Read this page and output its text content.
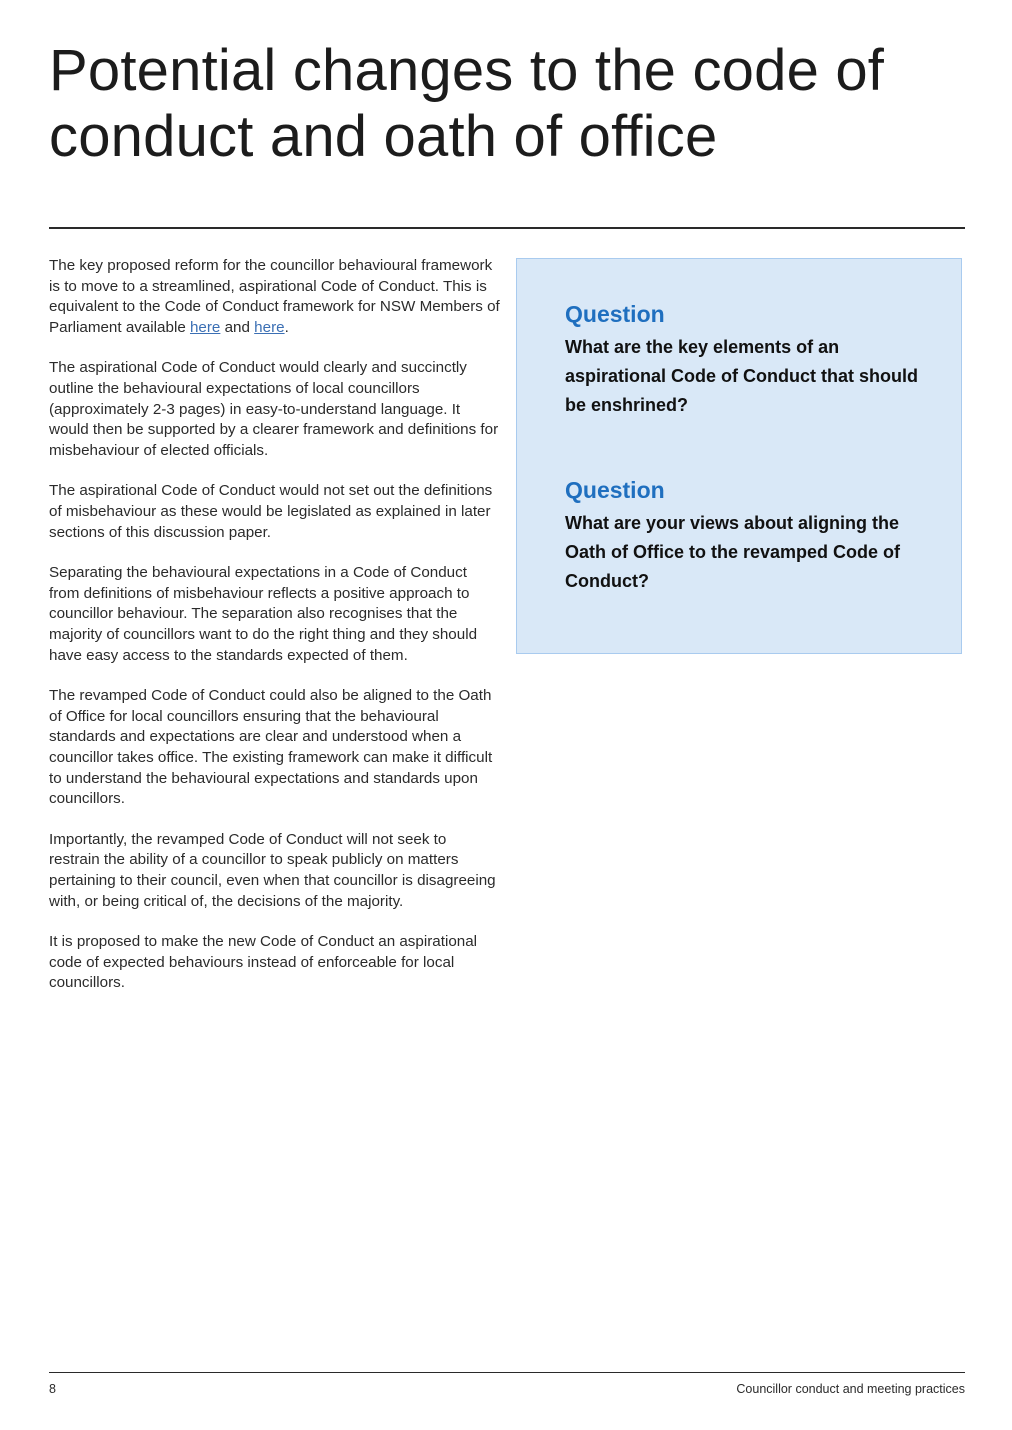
Potential changes to the code of conduct and oath of office

The key proposed reform for the councillor behavioural framework is to move to a streamlined, aspirational Code of Conduct. This is equivalent to the Code of Conduct framework for NSW Members of Parliament available here and here.

The aspirational Code of Conduct would clearly and succinctly outline the behavioural expectations of local councillors (approximately 2-3 pages) in easy-to-understand language. It would then be supported by a clearer framework and definitions for misbehaviour of elected officials.

The aspirational Code of Conduct would not set out the definitions of misbehaviour as these would be legislated as explained in later sections of this discussion paper.

Separating the behavioural expectations in a Code of Conduct from definitions of misbehaviour reflects a positive approach to councillor behaviour. The separation also recognises that the majority of councillors want to do the right thing and they should have easy access to the standards expected of them.

The revamped Code of Conduct could also be aligned to the Oath of Office for local councillors ensuring that the behavioural standards and expectations are clear and understood when a councillor takes office. The existing framework can make it difficult to understand the behavioural expectations and standards upon councillors.

Importantly, the revamped Code of Conduct will not seek to restrain the ability of a councillor to speak publicly on matters pertaining to their council, even when that councillor is disagreeing with, or being critical of, the decisions of the majority.

It is proposed to make the new Code of Conduct an aspirational code of expected behaviours instead of enforceable for local councillors.

Question
What are the key elements of an aspirational Code of Conduct that should be enshrined?
Question
What are your views about aligning the Oath of Office to the revamped Code of Conduct?
8	Councillor conduct and meeting practices
